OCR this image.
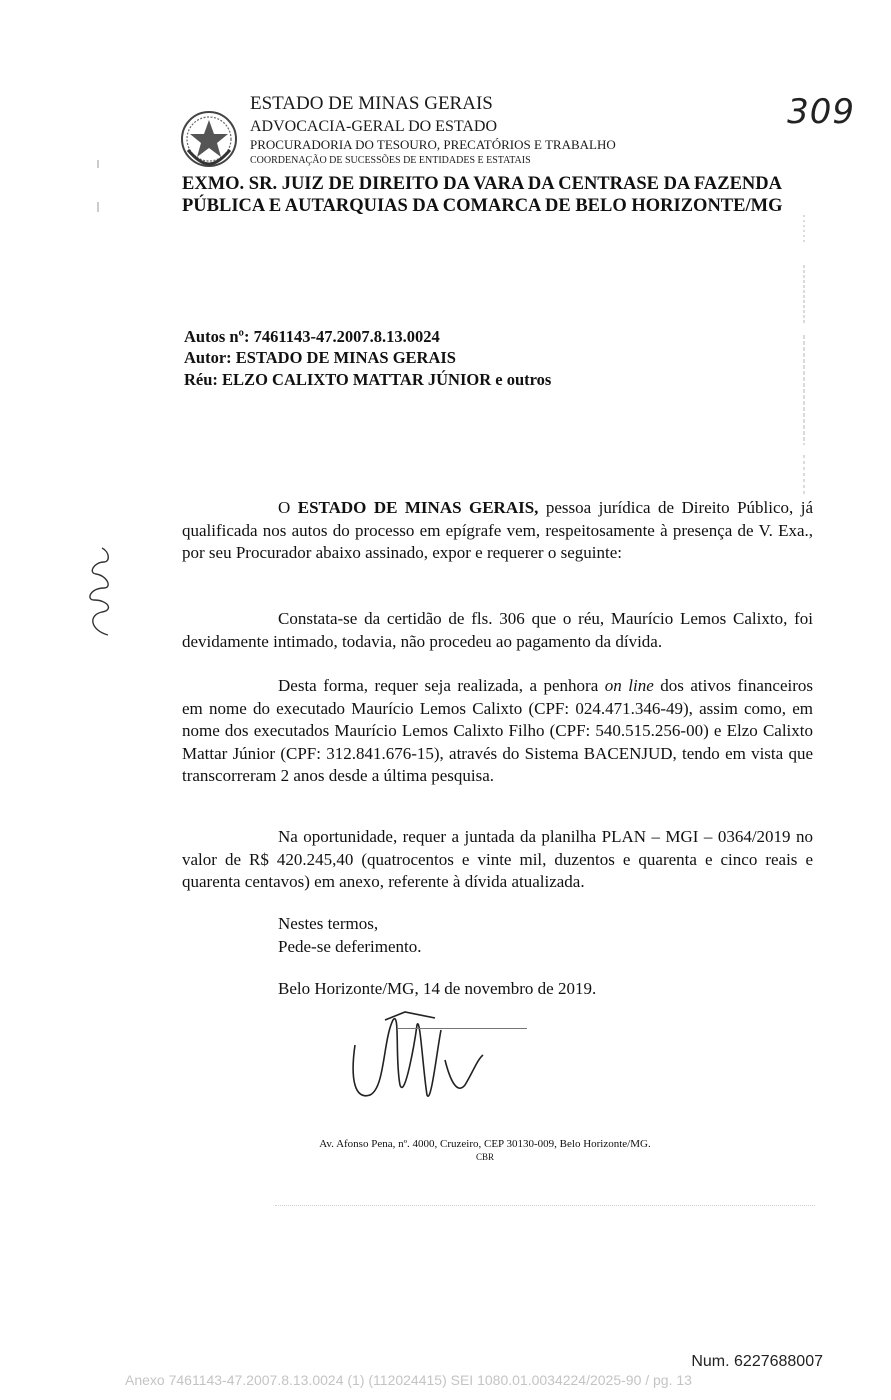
ESTADO DE MINAS GERAIS
ADVOCACIA-GERAL DO ESTADO
PROCURADORIA DO TESOURO, PRECATÓRIOS E TRABALHO
COORDENAÇÃO DE SUCESSÕES DE ENTIDADES E ESTATAIS
309
EXMO. SR. JUIZ DE DIREITO DA VARA DA CENTRASE DA FAZENDA
PÚBLICA E AUTARQUIAS DA COMARCA DE BELO HORIZONTE/MG
Autos nº: 7461143-47.2007.8.13.0024
Autor: ESTADO DE MINAS GERAIS
Réu: ELZO CALIXTO MATTAR JÚNIOR e outros
O ESTADO DE MINAS GERAIS, pessoa jurídica de Direito Público, já qualificada nos autos do processo em epígrafe vem, respeitosamente à presença de V. Exa., por seu Procurador abaixo assinado, expor e requerer o seguinte:
Constata-se da certidão de fls. 306 que o réu, Maurício Lemos Calixto, foi devidamente intimado, todavia, não procedeu ao pagamento da dívida.
Desta forma, requer seja realizada, a penhora on line dos ativos financeiros em nome do executado Maurício Lemos Calixto (CPF: 024.471.346-49), assim como, em nome dos executados Maurício Lemos Calixto Filho (CPF: 540.515.256-00) e Elzo Calixto Mattar Júnior (CPF: 312.841.676-15), através do Sistema BACENJUD, tendo em vista que transcorreram 2 anos desde a última pesquisa.
Na oportunidade, requer a juntada da planilha PLAN – MGI – 0364/2019 no valor de R$ 420.245,40 (quatrocentos e vinte mil, duzentos e quarenta e cinco reais e quarenta centavos) em anexo, referente à dívida atualizada.
Nestes termos,
Pede-se deferimento.
Belo Horizonte/MG, 14 de novembro de 2019.
Av. Afonso Pena, nº. 4000, Cruzeiro, CEP 30130-009, Belo Horizonte/MG.
CBR
Num. 6227688007
Anexo 7461143-47.2007.8.13.0024 (1) (112024415) SEI 1080.01.0034224/2025-90 / pg. 13
